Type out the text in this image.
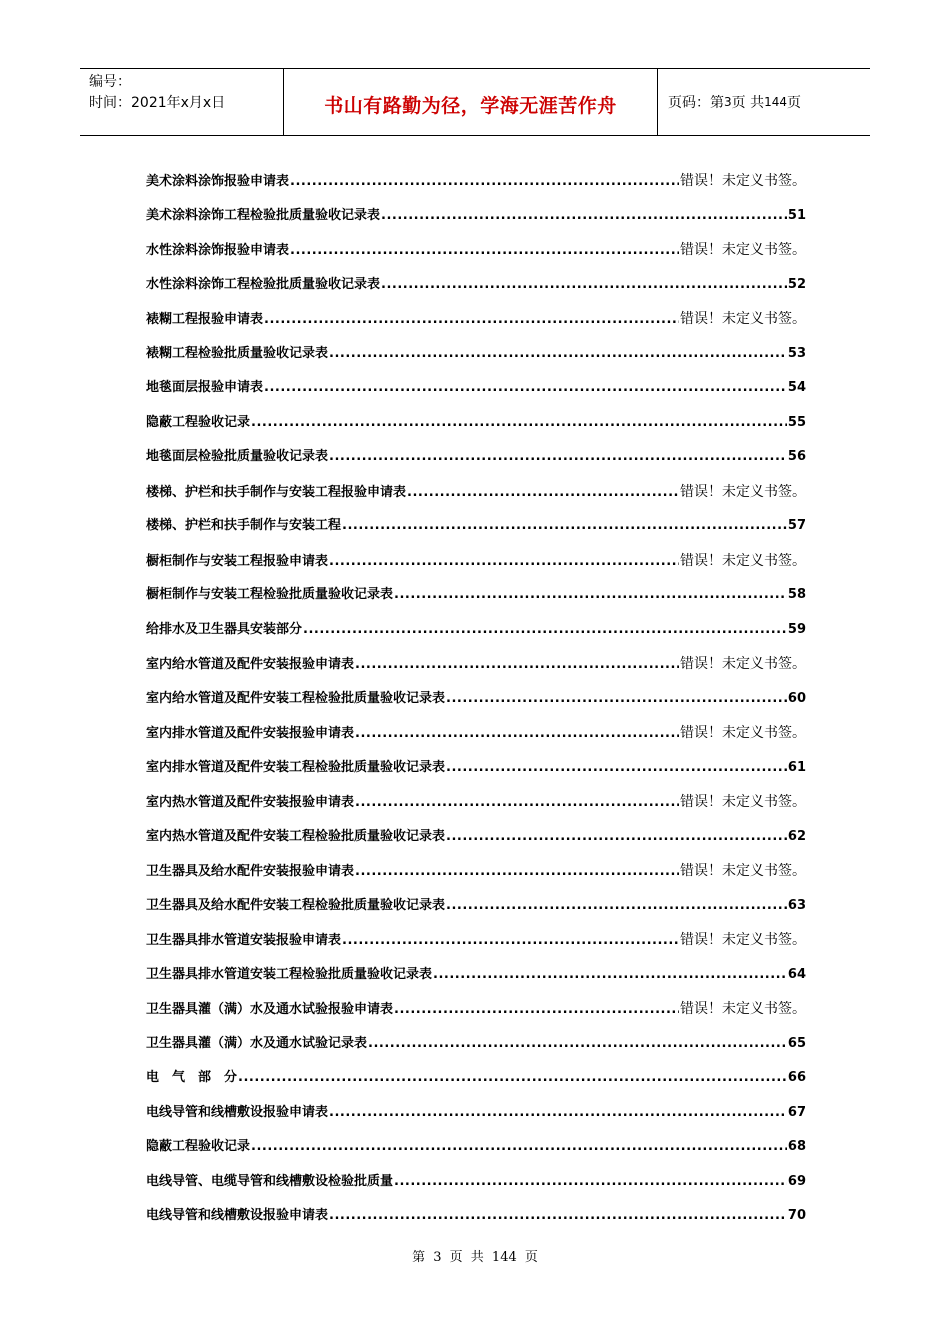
编号：
时间：2021年x月x日	书山有路勤为径，学海无涯苦作舟	页码：第 3 页 共 144 页
美术涂料涂饰报验申请表 .....	错误！未定义书签。
美术涂料涂饰工程检验批质量验收记录表 .....	51
水性涂料涂饰报验申请表 .....	错误！未定义书签。
水性涂料涂饰工程检验批质量验收记录表 .....	52
裱糊工程报验申请表 .....	错误！未定义书签。
裱糊工程检验批质量验收记录表 .....	53
地毯面层报验申请表 .....	54
隐蔽工程验收记录 .....	55
地毯面层检验批质量验收记录表 .....	56
楼梯、护栏和扶手制作与安装工程报验申请表 .....	错误！未定义书签。
楼梯、护栏和扶手制作与安装工程 .....	57
橱柜制作与安装工程报验申请表 .....	错误！未定义书签。
橱柜制作与安装工程检验批质量验收记录表 .....	58
给排水及卫生器具安装部分 .....	59
室内给水管道及配件安装报验申请表 .....	错误！未定义书签。
室内给水管道及配件安装工程检验批质量验收记录表 .....	60
室内排水管道及配件安装报验申请表 .....	错误！未定义书签。
室内排水管道及配件安装工程检验批质量验收记录表 .....	61
室内热水管道及配件安装报验申请表 .....	错误！未定义书签。
室内热水管道及配件安装工程检验批质量验收记录表 .....	62
卫生器具及给水配件安装报验申请表 .....	错误！未定义书签。
卫生器具及给水配件安装工程检验批质量验收记录表 .....	63
卫生器具排水管道安装报验申请表 .....	错误！未定义书签。
卫生器具排水管道安装工程检验批质量验收记录表 .....	64
卫生器具灌（满）水及通水试验报验申请表 .....	错误！未定义书签。
卫生器具灌（满）水及通水试验记录表 .....	65
电　气　部　分 .....	66
电线导管和线槽敷设报验申请表 .....	67
隐蔽工程验收记录 .....	68
电线导管、电缆导管和线槽敷设检验批质量 .....	69
电线导管和线槽敷设报验申请表 .....	70
第 3 页 共 144 页
